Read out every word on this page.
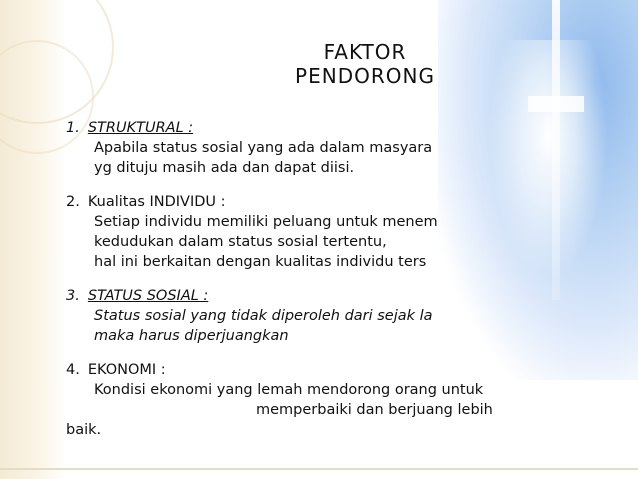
FAKTOR
PENDORONG
1. STRUKTURAL :
Apabila status sosial yang ada dalam masyara
yg dituju masih ada dan dapat diisi.
2. Kualitas INDIVIDU :
Setiap individu memiliki peluang untuk menem
kedudukan dalam status sosial tertentu,
hal ini berkaitan dengan kualitas individu ters
3. STATUS SOSIAL :
Status sosial yang tidak diperoleh dari sejak la
maka harus diperjuangkan
4. EKONOMI :
Kondisi ekonomi yang lemah mendorong orang untuk
memperbaiki dan berjuang lebih
baik.
